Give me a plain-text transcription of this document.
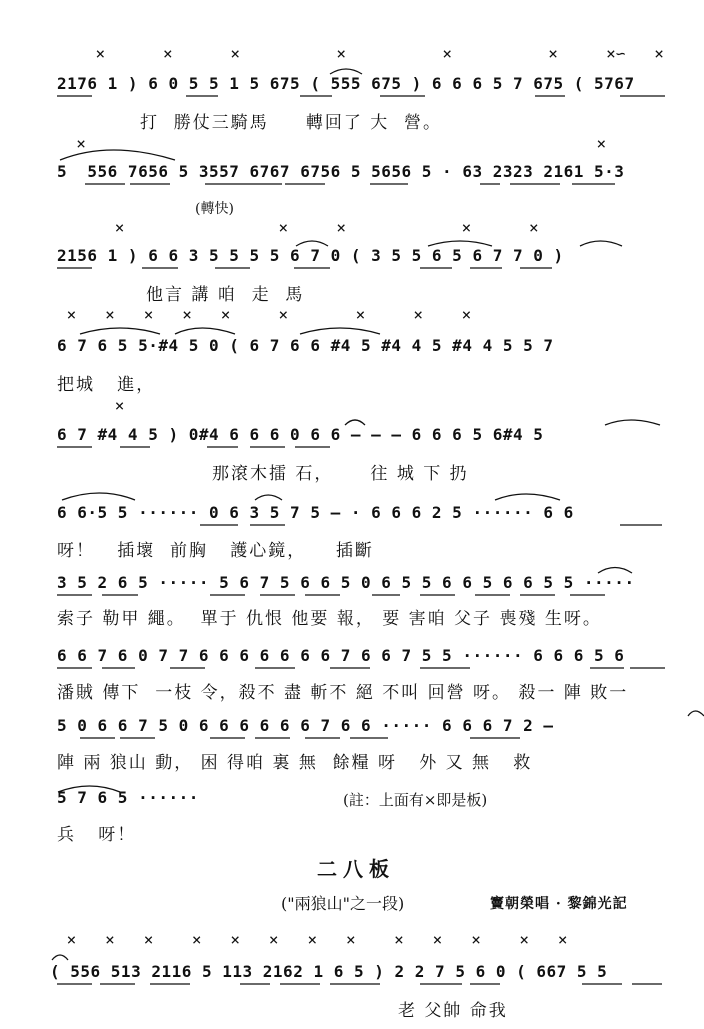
×      ×      ×          ×          ×          ×     ×∽   ×
2176 1 ) 6 0 5 5 1 5 675 ( 555 675 ) 6 6 6 5 7 675 ( 5767
打  勝仗三騎馬     轉回了 大  營。
×                                                     ×
5  556 7656 5 3557 6767 6756 5 5656 5 · 63 2323 2161 5·3
(轉快)
×                ×     ×            ×      ×
2156 1 ) 6 6 3 5 5 5 5 6 7 0 ( 3 5 5 6 5 6 7 7 0 )
他言 講 咱  走  馬
×   ×   ×   ×   ×     ×       ×     ×    ×
6 7 6 5 5·#4 5 0 ( 6 7 6 6 #4 5 #4 4 5 #4 4 5 5 7
把城   進，
×
6 7 #4 4 5 ) 0#4 6 6 6 0 6 6 — — — 6 6 6 5 6#4 5
那滾木擂 石，     往 城 下 扔
6 6·5 5 ······ 0 6 3 5 7 5 — · 6 6 6 2 5 ······ 6 6
呀！   插壞  前胸   護心鏡，    插斷
3 5 2 6 5 ····· 5 6 7 5 6 6 5 0 6 5 5 6 6 5 6 6 5 5 ·····
索子 勒甲 繩。  單于 仇恨 他要 報， 要 害咱 父子 喪殘 生呀。
6 6 7 6 0 7 7 6 6 6 6 6 6 6 7 6 6 7 5 5 ······ 6 6 6 5 6
潘賊 傳下  一枝 令，殺不 盡 斬不 絕 不叫 回營 呀。 殺一 陣 敗一
5 0 6 6 7 5 0 6 6 6 6 6 6 7 6 6 ····· 6 6 6 7 2 —
陣 兩 狼山 動， 困 得咱 裏 無  餘糧 呀   外 又 無   救
5 7 6 5 ······	(註：上面有×即是板)
兵   呀！
二八板
("兩狼山"之一段)	竇朝榮唱 · 黎錦光記
×   ×   ×    ×   ×   ×   ×   ×    ×   ×   ×    ×   ×
( 556 513 2116 5 113 2162 1 6 5 ) 2 2 7 5 6 0 ( 667 5 5
老 父帥 命我
